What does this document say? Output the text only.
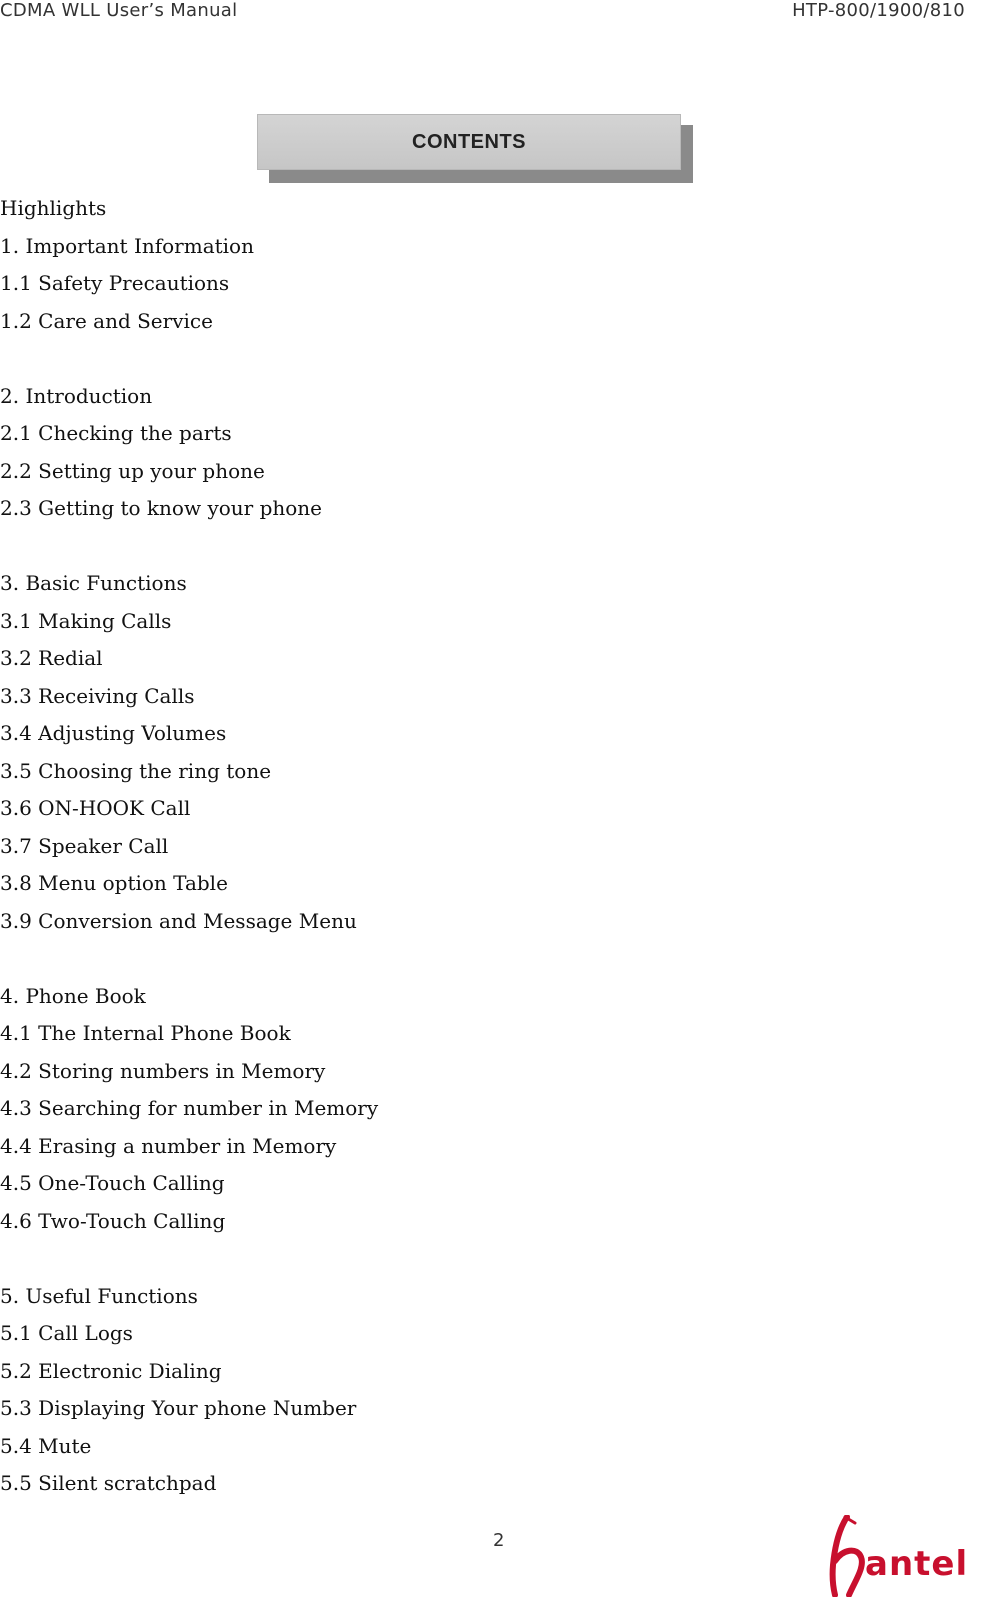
CDMA WLL User’s Manual	HTP-800/1900/810
CONTENTS
Highlights
1. Important Information
1.1 Safety Precautions
1.2 Care and Service
2. Introduction
2.1 Checking the parts
2.2 Setting up your phone
2.3 Getting to know your phone
3. Basic Functions
3.1 Making Calls
3.2 Redial
3.3 Receiving Calls
3.4 Adjusting Volumes
3.5 Choosing the ring tone
3.6 ON-HOOK Call
3.7 Speaker Call
3.8 Menu option Table
3.9 Conversion and Message Menu
4. Phone Book
4.1 The Internal Phone Book
4.2 Storing numbers in Memory
4.3 Searching for number in Memory
4.4 Erasing a number in Memory
4.5 One-Touch Calling
4.6 Two-Touch Calling
5. Useful Functions
5.1 Call Logs
5.2 Electronic Dialing
5.3 Displaying Your phone Number
5.4 Mute
5.5 Silent scratchpad
2
antel
